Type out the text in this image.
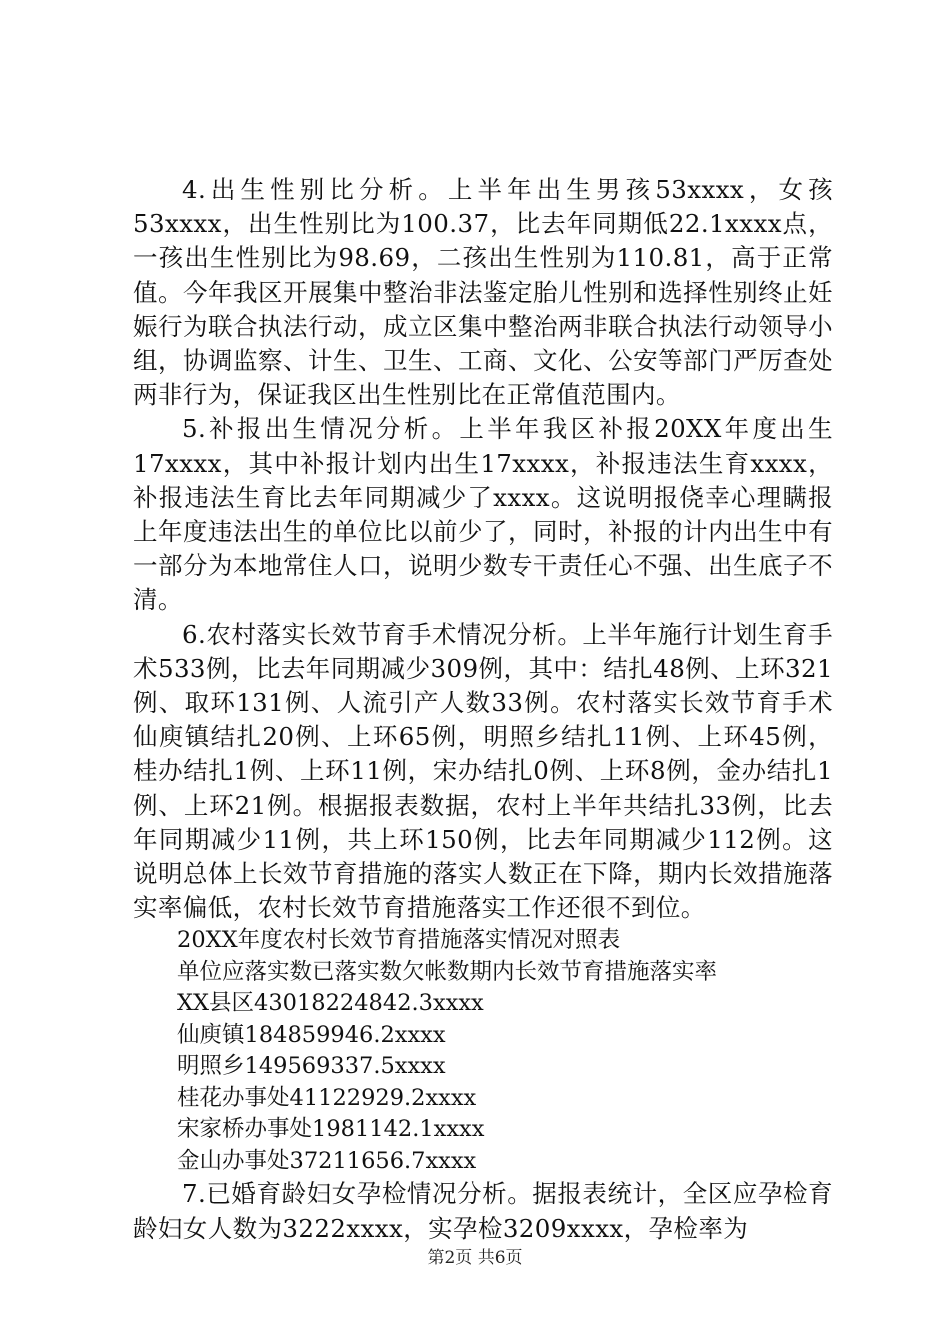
4.出生性别比分析。上半年出生男孩53xxxx，女孩53xxxx，出生性别比为100.37，比去年同期低22.1xxxx点，一孩出生性别比为98.69，二孩出生性别为110.81，高于正常值。今年我区开展集中整治非法鉴定胎儿性别和选择性别终止妊娠行为联合执法行动，成立区集中整治两非联合执法行动领导小组，协调监察、计生、卫生、工商、文化、公安等部门严厉查处两非行为，保证我区出生性别比在正常值范围内。

5.补报出生情况分析。上半年我区补报20XX年度出生17xxxx，其中补报计划内出生17xxxx，补报违法生育xxxx，补报违法生育比去年同期减少了xxxx。这说明报侥幸心理瞒报上年度违法出生的单位比以前少了，同时，补报的计内出生中有一部分为本地常住人口，说明少数专干责任心不强、出生底子不清。

6.农村落实长效节育手术情况分析。上半年施行计划生育手术533例，比去年同期减少309例，其中：结扎48例、上环321例、取环131例、人流引产人数33例。农村落实长效节育手术仙庾镇结扎20例、上环65例，明照乡结扎11例、上环45例，桂办结扎1例、上环11例，宋办结扎0例、上环8例，金办结扎1例、上环21例。根据报表数据，农村上半年共结扎33例，比去年同期减少11例，共上环150例，比去年同期减少112例。这说明总体上长效节育措施的落实人数正在下降，期内长效措施落实率偏低，农村长效节育措施落实工作还很不到位。

20XX年度农村长效节育措施落实情况对照表
单位应落实数已落实数欠帐数期内长效节育措施落实率
XX县区43018224842.3xxxx
仙庾镇184859946.2xxxx
明照乡149569337.5xxxx
桂花办事处41122929.2xxxx
宋家桥办事处1981142.1xxxx
金山办事处37211656.7xxxx

7.已婚育龄妇女孕检情况分析。据报表统计，全区应孕检育龄妇女人数为3222xxxx，实孕检3209xxxx，孕检率为

第2页 共6页
